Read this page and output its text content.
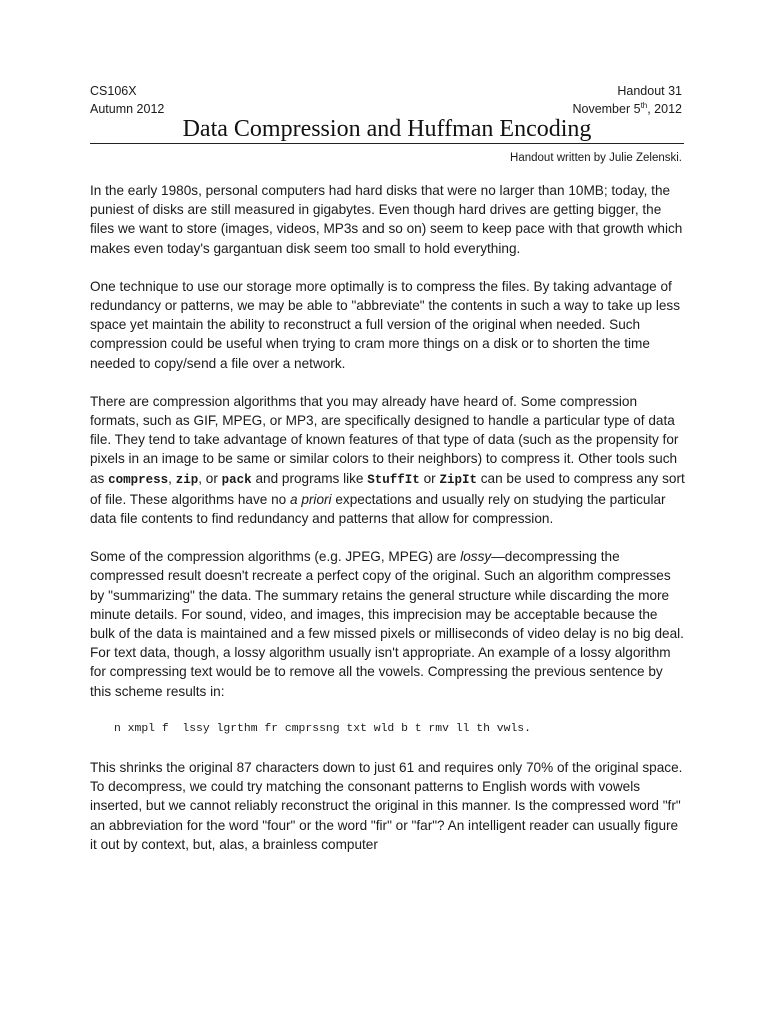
CS106X
Autumn 2012
Handout 31
November 5th, 2012
Data Compression and Huffman Encoding
Handout written by Julie Zelenski.

In the early 1980s, personal computers had hard disks that were no larger than 10MB; today, the puniest of disks are still measured in gigabytes. Even though hard drives are getting bigger, the files we want to store (images, videos, MP3s and so on) seem to keep pace with that growth which makes even today's gargantuan disk seem too small to hold everything.

One technique to use our storage more optimally is to compress the files. By taking advantage of redundancy or patterns, we may be able to "abbreviate" the contents in such a way to take up less space yet maintain the ability to reconstruct a full version of the original when needed. Such compression could be useful when trying to cram more things on a disk or to shorten the time needed to copy/send a file over a network.

There are compression algorithms that you may already have heard of. Some compression formats, such as GIF, MPEG, or MP3, are specifically designed to handle a particular type of data file. They tend to take advantage of known features of that type of data (such as the propensity for pixels in an image to be same or similar colors to their neighbors) to compress it. Other tools such as compress, zip, or pack and programs like StuffIt or ZipIt can be used to compress any sort of file. These algorithms have no a priori expectations and usually rely on studying the particular data file contents to find redundancy and patterns that allow for compression.

Some of the compression algorithms (e.g. JPEG, MPEG) are lossy—decompressing the compressed result doesn't recreate a perfect copy of the original. Such an algorithm compresses by "summarizing" the data. The summary retains the general structure while discarding the more minute details. For sound, video, and images, this imprecision may be acceptable because the bulk of the data is maintained and a few missed pixels or milliseconds of video delay is no big deal. For text data, though, a lossy algorithm usually isn't appropriate. An example of a lossy algorithm for compressing text would be to remove all the vowels. Compressing the previous sentence by this scheme results in:

n xmpl f  lssy lgrthm fr cmprssng txt wld b t rmv ll th vwls.

This shrinks the original 87 characters down to just 61 and requires only 70% of the original space. To decompress, we could try matching the consonant patterns to English words with vowels inserted, but we cannot reliably reconstruct the original in this manner. Is the compressed word "fr" an abbreviation for the word "four" or the word "fir" or "far"? An intelligent reader can usually figure it out by context, but, alas, a brainless computer
